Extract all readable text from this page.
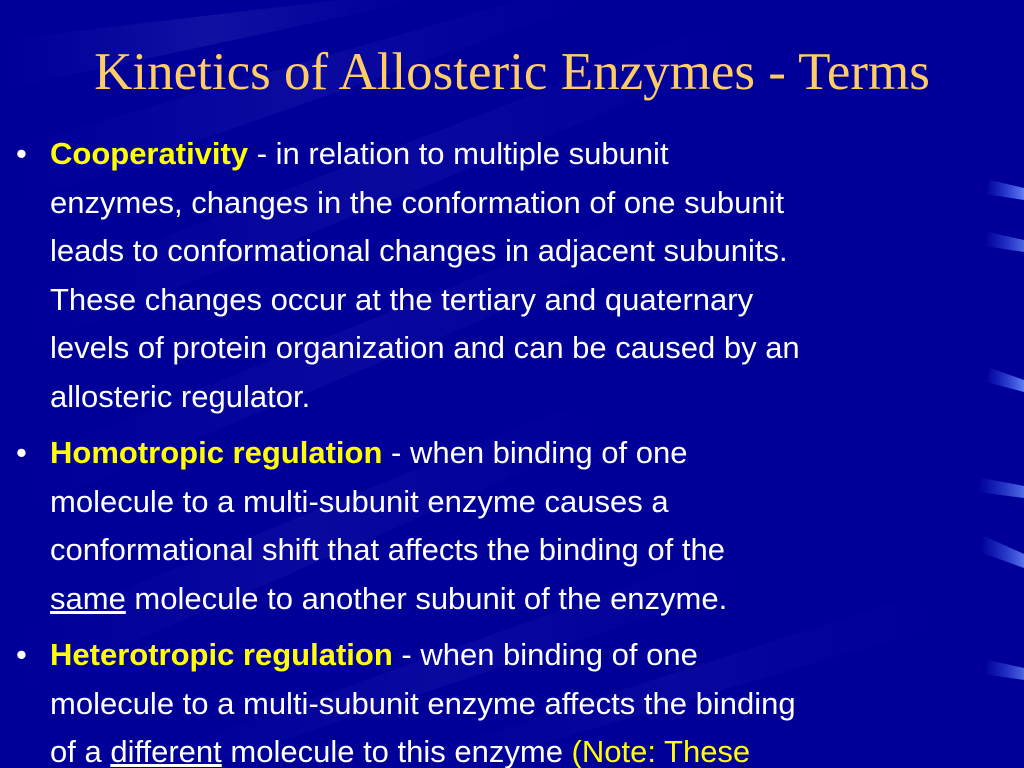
Kinetics of Allosteric Enzymes - Terms
• Cooperativity - in relation to multiple subunit
enzymes, changes in the conformation of one subunit
leads to conformational changes in adjacent subunits.
These changes occur at the tertiary and quaternary
levels of protein organization and can be caused by an
allosteric regulator.
• Homotropic regulation - when binding of one
molecule to a multi-subunit enzyme causes a
conformational shift that affects the binding of the
same molecule to another subunit of the enzyme.
• Heterotropic regulation - when binding of one
molecule to a multi-subunit enzyme affects the binding
of a different molecule to this enzyme (Note: These
